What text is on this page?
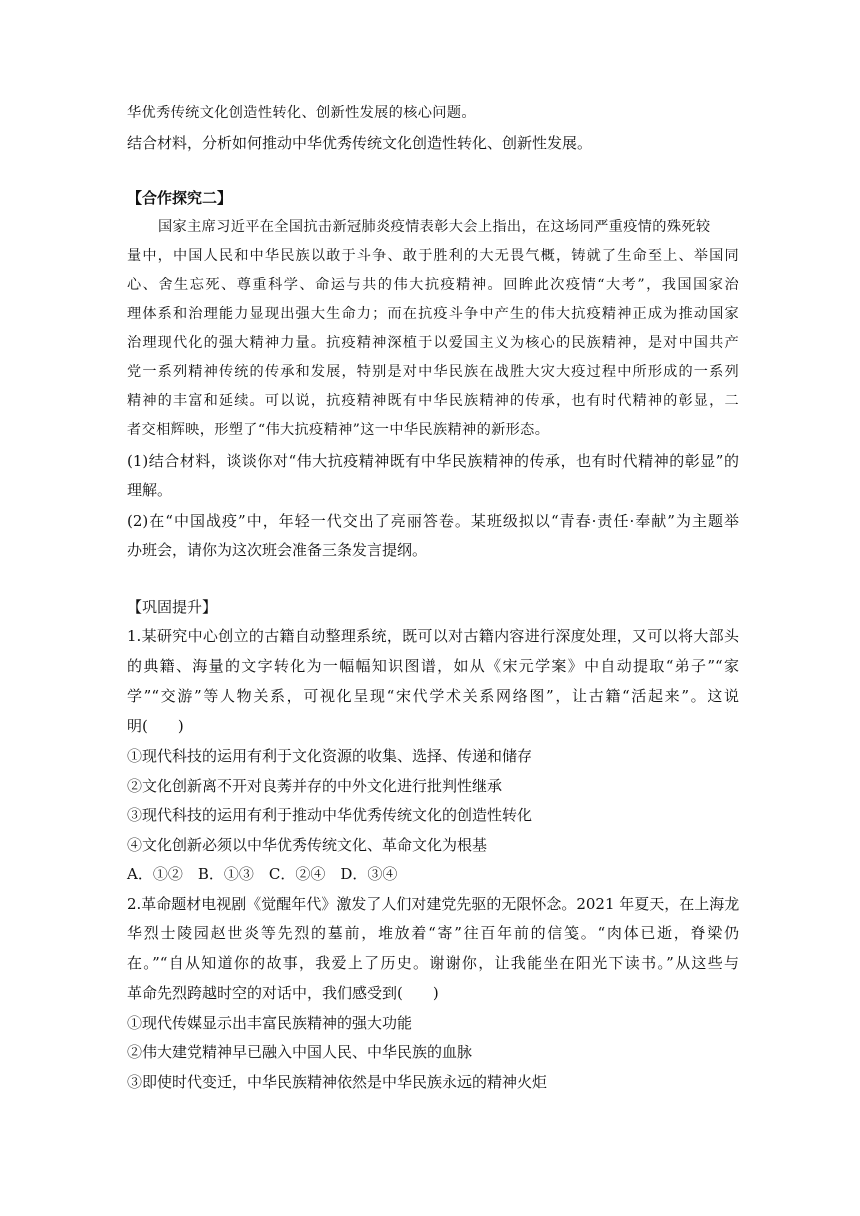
华优秀传统文化创造性转化、创新性发展的核心问题。
结合材料，分析如何推动中华优秀传统文化创造性转化、创新性发展。
【合作探究二】
国家主席习近平在全国抗击新冠肺炎疫情表彰大会上指出，在这场同严重疫情的殊死较
量中，中国人民和中华民族以敢于斗争、敢于胜利的大无畏气概，铸就了生命至上、举国同
心、舍生忘死、尊重科学、命运与共的伟大抗疫精神。回眸此次疫情“大考”，我国国家治
理体系和治理能力显现出强大生命力；而在抗疫斗争中产生的伟大抗疫精神正成为推动国家
治理现代化的强大精神力量。抗疫精神深植于以爱国主义为核心的民族精神，是对中国共产
党一系列精神传统的传承和发展，特别是对中华民族在战胜大灾大疫过程中所形成的一系列
精神的丰富和延续。可以说，抗疫精神既有中华民族精神的传承，也有时代精神的彰显，二
者交相辉映，形塑了“伟大抗疫精神”这一中华民族精神的新形态。
(1)结合材料，谈谈你对“伟大抗疫精神既有中华民族精神的传承，也有时代精神的彰显”的
理解。
(2)在“中国战疫”中，年轻一代交出了亮丽答卷。某班级拟以“青春·责任·奉献”为主题举
办班会，请你为这次班会准备三条发言提纲。
【巩固提升】
1.某研究中心创立的古籍自动整理系统，既可以对古籍内容进行深度处理，又可以将大部头
的典籍、海量的文字转化为一幅幅知识图谱，如从《宋元学案》中自动提取“弟子”“家
学”“交游”等人物关系，可视化呈现“宋代学术关系网络图”，让古籍“活起来”。这说
明(　　)
①现代科技的运用有利于文化资源的收集、选择、传递和储存
②文化创新离不开对良莠并存的中外文化进行批判性继承
③现代科技的运用有利于推动中华优秀传统文化的创造性转化
④文化创新必须以中华优秀传统文化、革命文化为根基
A．①②　B．①③　C．②④　D．③④
2.革命题材电视剧《觉醒年代》激发了人们对建党先驱的无限怀念。2021 年夏天，在上海龙
华烈士陵园赵世炎等先烈的墓前，堆放着“寄”往百年前的信笺。“肉体已逝，脊梁仍
在。”“自从知道你的故事，我爱上了历史。谢谢你，让我能坐在阳光下读书。”从这些与
革命先烈跨越时空的对话中，我们感受到(　　)
①现代传媒显示出丰富民族精神的强大功能
②伟大建党精神早已融入中国人民、中华民族的血脉
③即使时代变迁，中华民族精神依然是中华民族永远的精神火炬
